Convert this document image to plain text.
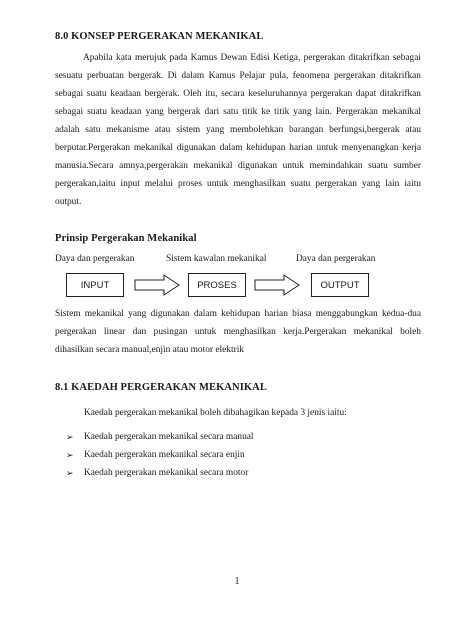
8.0 KONSEP PERGERAKAN MEKANIKAL

Apabila kata merujuk pada Kamus Dewan Edisi Ketiga, pergerakan ditakrifkan sebagai sesuatu perbuatan bergerak. Di dalam Kamus Pelajar pula, fenomena pergerakan ditakrifkan sebagai suatu keadaan bergerak. Oleh itu, secara keseluruhannya pergerakan dapat ditakrifkan sebagai suatu keadaan yang bergerak dari satu titik ke titik yang lain. Pergerakan mekanikal adalah satu mekanisme atau sistem yang membolehkan barangan berfungsi,bergerak atau berputar.Pergerakan mekanikal digunakan dalam kehidupan harian untuk menyenangkan kerja manusia.Secara amnya,pergerakan mekanikal digunakan untuk memindahkan suatu sumber pergerakan,iaitu input melalui proses untuk menghasilkan suatu pergerakan yang lain iaitu output.

Prinsip Pergerakan Mekanikal
Daya dan pergerakan	Sistem kawalan mekanikal	Daya dan pergerakan
INPUT	PROSES	OUTPUT

Sistem mekanikal yang digunakan dalam kehidupan harian biasa menggabungkan kedua-dua pergerakan linear dan pusingan untuk menghasilkan kerja.Pergerakan mekanikal boleh dihasilkan secara manual,enjin atau motor elektrik

8.1 KAEDAH PERGERAKAN MEKANIKAL
Kaedah pergerakan mekanikal boleh dibahagikan kepada 3 jenis iaitu:
➢	Kaedah pergerakan mekanikal secara manual
➢	Kaedah pergerakan mekanikal secara enjin
➢	Kaedah pergerakan mekanikal secara motor
1
